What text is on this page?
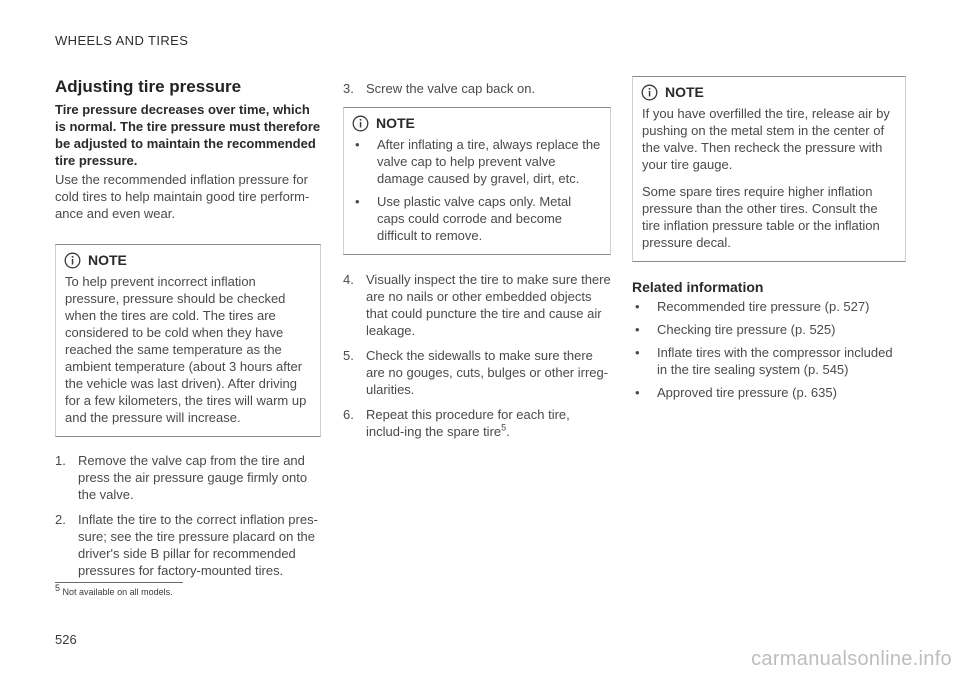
WHEELS AND TIRES
Adjusting tire pressure

Tire pressure decreases over time, which is normal. The tire pressure must therefore be adjusted to maintain the recommended tire pressure.

Use the recommended inflation pressure for cold tires to help maintain good tire perform-ance and even wear.

NOTE
To help prevent incorrect inflation pressure, pressure should be checked when the tires are cold. The tires are considered to be cold when they have reached the same temperature as the ambient temperature (about 3 hours after the vehicle was last driven). After driving for a few kilometers, the tires will warm up and the pressure will increase.
1. Remove the valve cap from the tire and press the air pressure gauge firmly onto the valve.
2. Inflate the tire to the correct inflation pres-sure; see the tire pressure placard on the driver's side B pillar for recommended pressures for factory-mounted tires.
3. Screw the valve cap back on.
NOTE
•	After inflating a tire, always replace the valve cap to help prevent valve damage caused by gravel, dirt, etc.
•	Use plastic valve caps only. Metal caps could corrode and become difficult to remove.
4. Visually inspect the tire to make sure there are no nails or other embedded objects that could puncture the tire and cause air leakage.
5. Check the sidewalls to make sure there are no gouges, cuts, bulges or other irreg-ularities.
6. Repeat this procedure for each tire, includ-ing the spare tire$^5$.
NOTE

If you have overfilled the tire, release air by pushing on the metal stem in the center of the valve. Then recheck the pressure with your tire gauge.

Some spare tires require higher inflation pressure than the other tires. Consult the tire inflation pressure table or the inflation pressure decal.

Related information
•	Recommended tire pressure (p. 527)
•	Checking tire pressure (p. 525)
•	Inflate tires with the compressor included in the tire sealing system (p. 545)
•	Approved tire pressure (p. 635)
$^5$ Not available on all models.
526
carmanualsonline.info
